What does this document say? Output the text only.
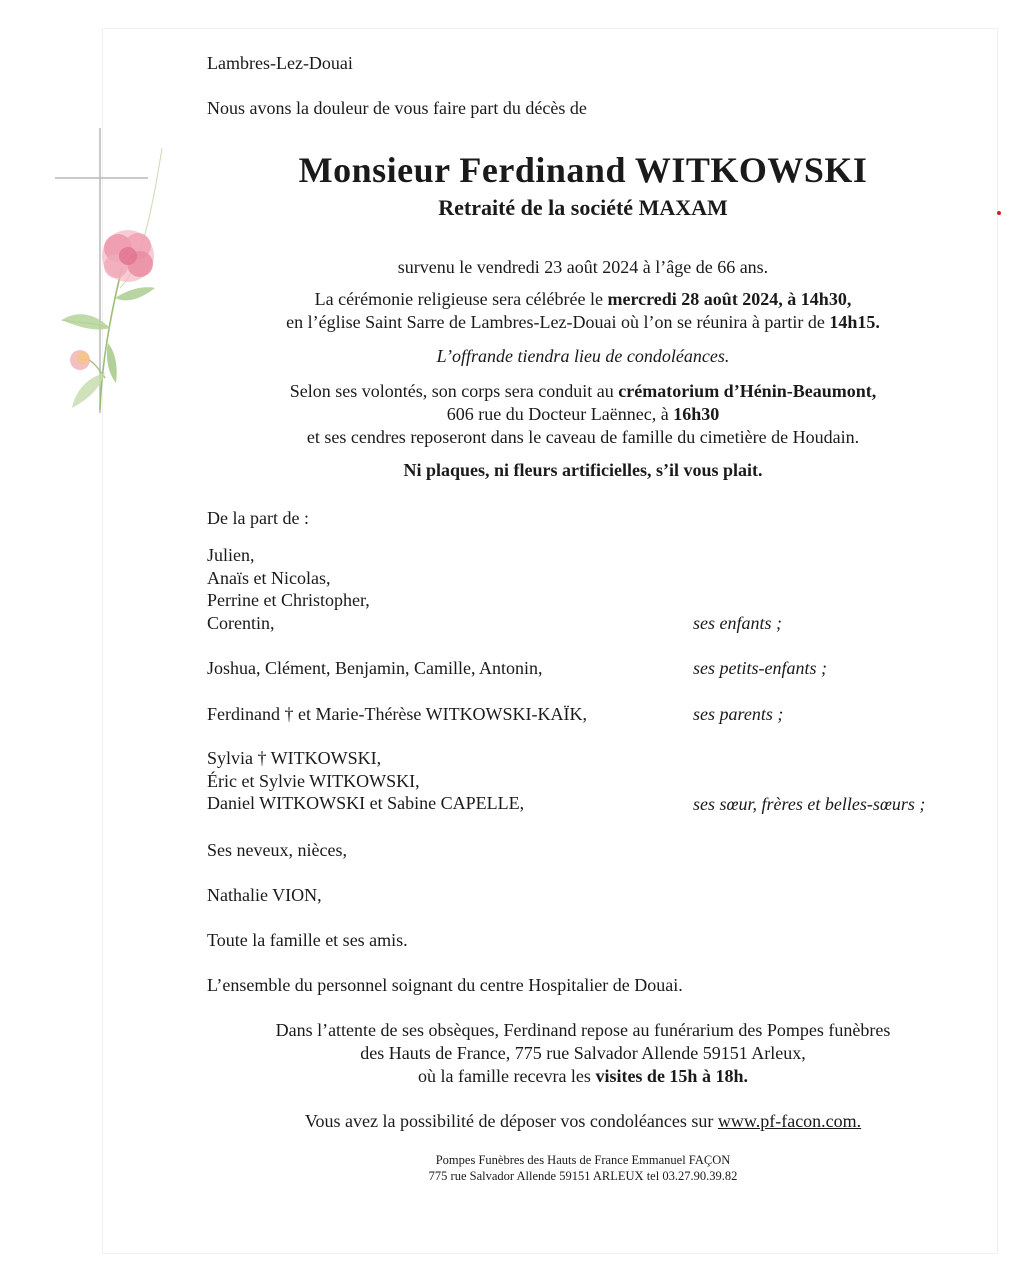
Lambres-Lez-Douai
Nous avons la douleur de vous faire part du décès de
Monsieur Ferdinand WITKOWSKI
Retraité de la société MAXAM
survenu le vendredi 23 août 2024 à l’âge de 66 ans.
La cérémonie religieuse sera célébrée le mercredi 28 août 2024, à 14h30,
en l’église Saint Sarre de Lambres-Lez-Douai où l’on se réunira à partir de 14h15.
L’offrande tiendra lieu de condoléances.
Selon ses volontés, son corps sera conduit au crématorium d’Hénin-Beaumont,
606 rue du Docteur Laënnec, à 16h30
et ses cendres reposeront dans le caveau de famille du cimetière de Houdain.
Ni plaques, ni fleurs artificielles, s’il vous plait.
De la part de :
Julien,
Anaïs et Nicolas,
Perrine et Christopher,
Corentin,	ses enfants ;
Joshua, Clément, Benjamin, Camille, Antonin,	ses petits-enfants ;
Ferdinand † et Marie-Thérèse WITKOWSKI-KAÏK,	ses parents ;
Sylvia † WITKOWSKI,
Éric et Sylvie WITKOWSKI,
Daniel WITKOWSKI et Sabine CAPELLE,	ses sœur, frères et belles-sœurs ;
Ses neveux, nièces,
Nathalie VION,
Toute la famille et ses amis.
L’ensemble du personnel soignant du centre Hospitalier de Douai.
Dans l’attente de ses obsèques, Ferdinand repose au funérarium des Pompes funèbres
des Hauts de France, 775 rue Salvador Allende 59151 Arleux,
où la famille recevra les visites de 15h à 18h.
Vous avez la possibilité de déposer vos condoléances sur www.pf-facon.com.
Pompes Funèbres des Hauts de France Emmanuel FAÇON
775 rue Salvador Allende 59151 ARLEUX tel 03.27.90.39.82
